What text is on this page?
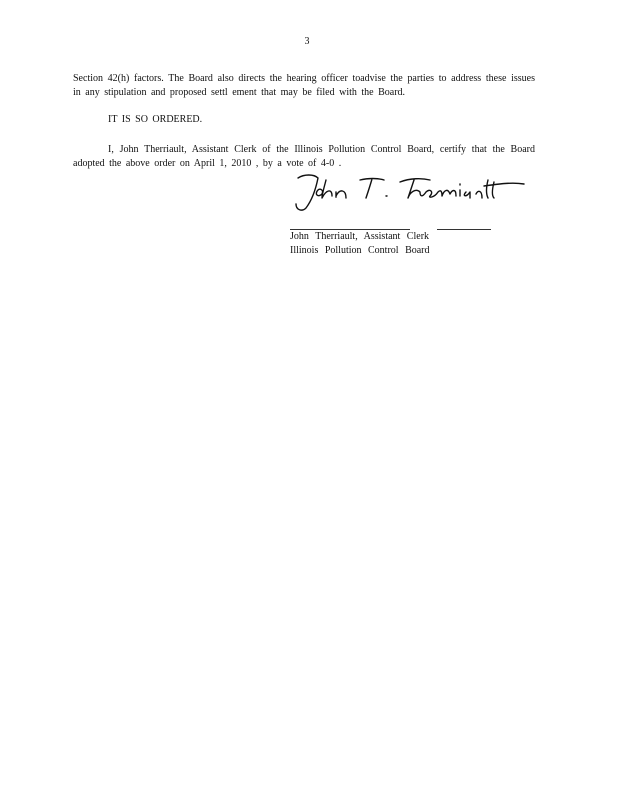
3
Section 42(h) factors. The Board also directs the hearing officer toadvise the parties to address these issues in any stipulation and proposed settl ement that may be filed with the Board.
IT IS SO ORDERED.
I, John Therriault, Assistant Clerk of the Illinois Pollution Control Board, certify that the Board adopted the above order on April 1, 2010 , by a vote of 4-0 .
John Therriault, Assistant Clerk
Illinois Pollution Control Board
